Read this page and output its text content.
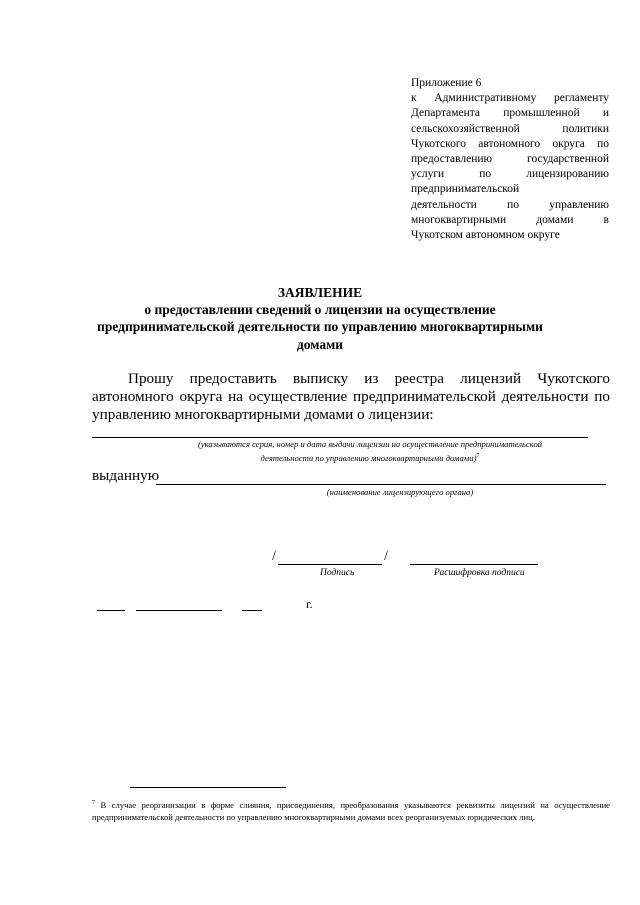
Приложение 6
к Административному регламенту
Департамента промышленной и
сельскохозяйственной политики
Чукотского автономного округа по
предоставлению государственной
услуги по лицензированию
предпринимательской
деятельности по управлению
многоквартирными домами в
Чукотском автономном округе
ЗАЯВЛЕНИЕ
о предоставлении сведений о лицензии на осуществление
предпринимательской деятельности по управлению многоквартирными
домами
Прошу предоставить выписку из реестра лицензий Чукотского автономного округа на осуществление предпринимательской деятельности по управлению многоквартирными домами о лицензии:
(указываются серия, номер и дата выдачи лицензии на осуществление предпринимательской
деятельности по управлению многоквартирными домами)$^7$
выданную
(наименование лицензирующего органа)
/	/
Подпись	Расшифровка подписи
г.
$^7$ В случае реорганизации в форме слияния, присоединения, преобразования указываются реквизиты лицензий на осуществление предпринимательской деятельности по управлению многоквартирными домами всех реорганизуемых юридических лиц.
